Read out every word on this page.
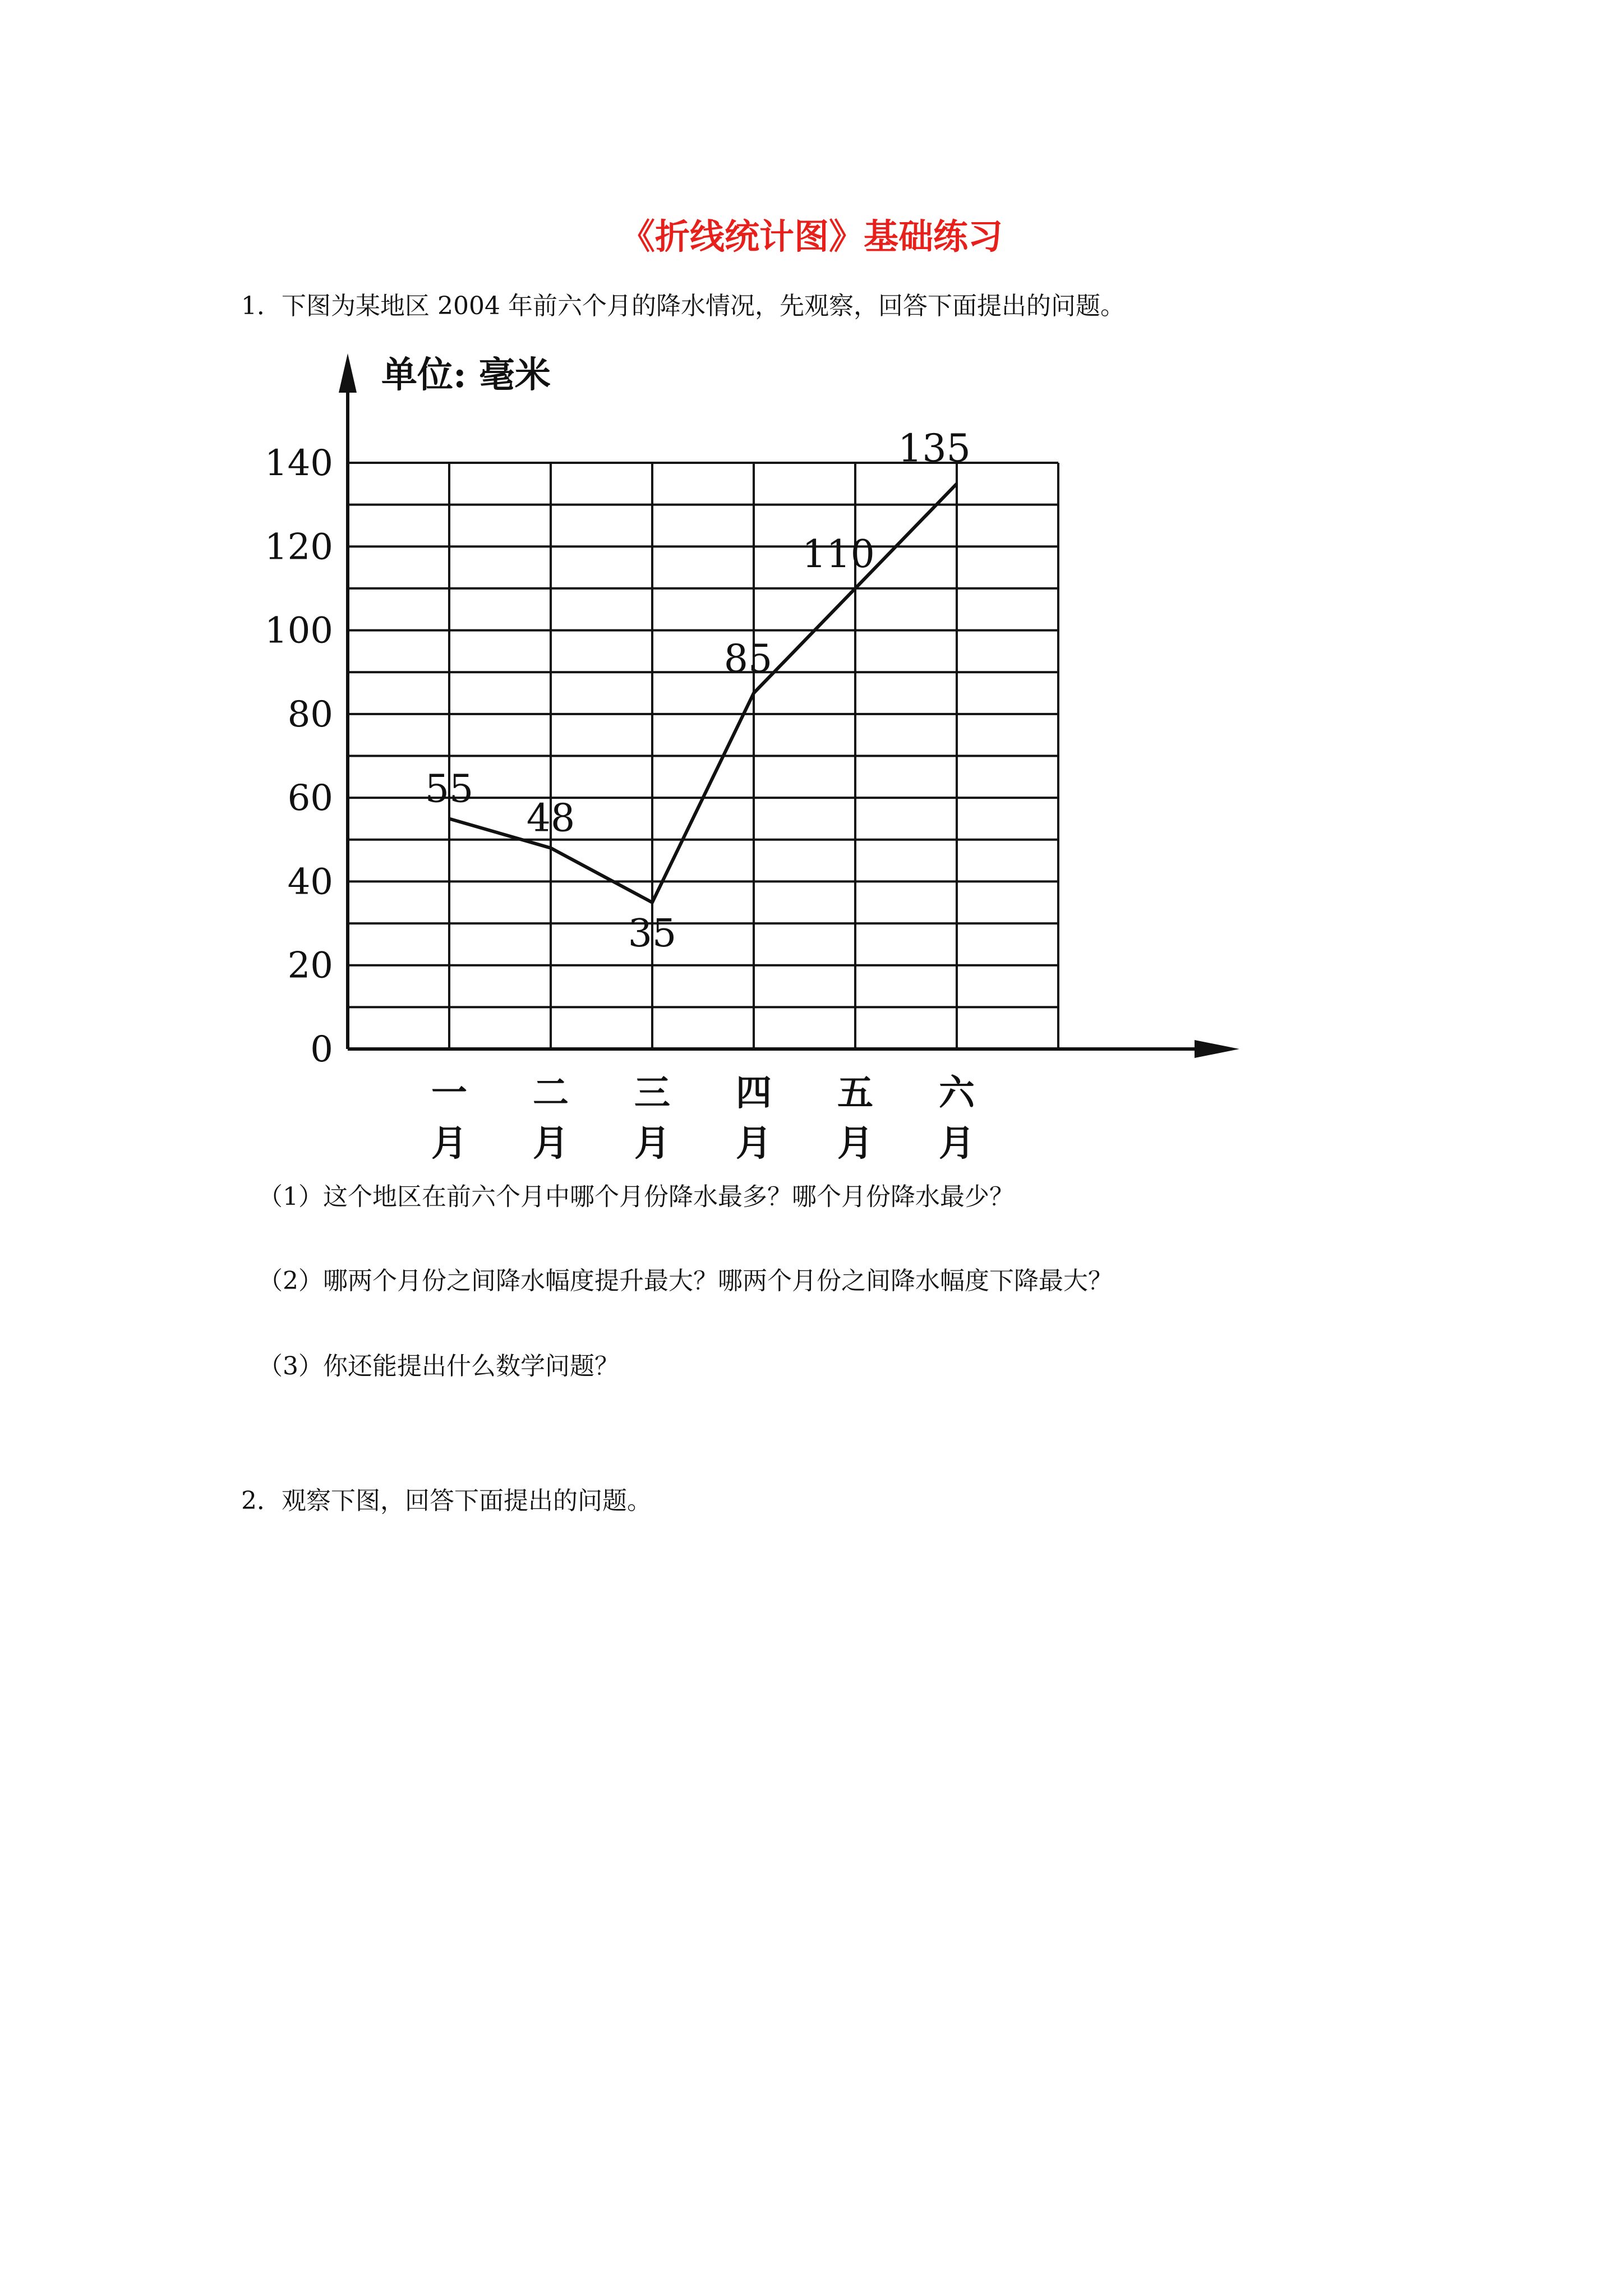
《折线统计图》基础练习

1．下图为某地区 2004 年前六个月的降水情况，先观察，回答下面提出的问题。

单位: 毫米
0
20
40
60
80
100
120
140
一
月
二
月
三
月
四
月
五
月
六
月
55
48
35
85
110
135

（1）这个地区在前六个月中哪个月份降水最多？哪个月份降水最少？

（2）哪两个月份之间降水幅度提升最大？哪两个月份之间降水幅度下降最大？

（3）你还能提出什么数学问题？

2．观察下图，回答下面提出的问题。
